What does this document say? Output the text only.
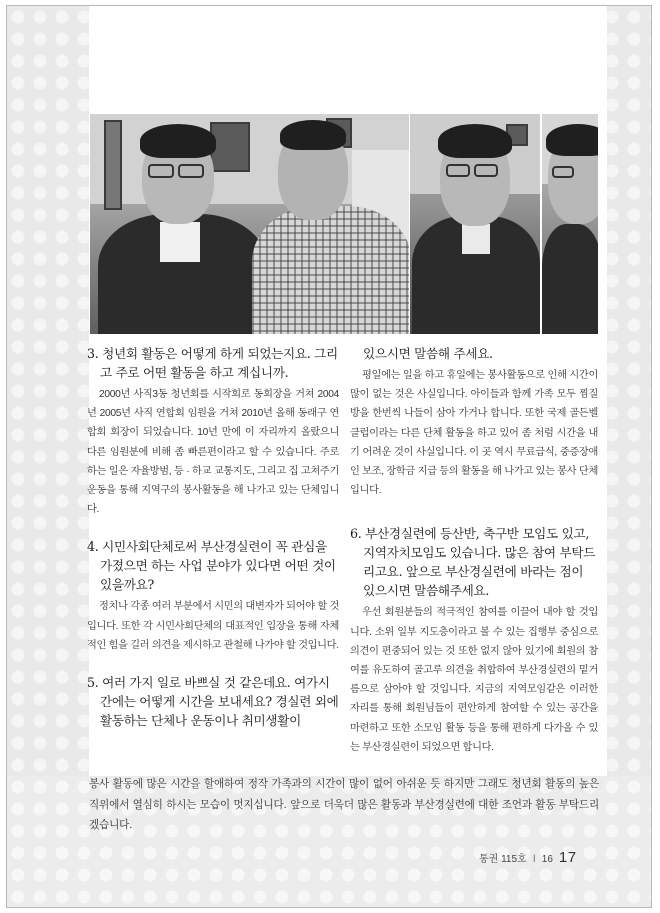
3. 청년회 활동은 어떻게 하게 되었는지요. 그리고 주로 어떤 활동을 하고 계십니까.

2000년 사직3동 청년회를 시작회로 동회장을 거쳐 2004년 2005년 사직 연합회 임원을 거쳐 2010년 올해 동래구 연합회 회장이 되었습니다. 10년 만에 이 자리까지 올랐으니 다른 임원분에 비해 좀 빠른편이라고 할 수 있습니다. 주로 하는 일은 자율방범, 등 · 하교 교통지도, 그리고 집 고쳐주기 운동을 통해 지역구의 봉사활동을 해 나가고 있는 단체입니다.

4. 시민사회단체로써 부산경실련이 꼭 관심을 가졌으면 하는 사업 분야가 있다면 어떤 것이 있을까요?

정치나 각종 여러 부분에서 시민의 대변자가 되어야 할 것입니다. 또한 각 시민사회단체의 대표적인 입장을 통해 자체적인 힘을 길러 의견을 제시하고 관철해 나가야 할 것입니다.

5. 여러 가지 일로 바쁘실 것 같은데요. 여가시간에는 어떻게 시간을 보내세요? 경실련 외에 활동하는 단체나 운동이나 취미생활이
있으시면 말씀해 주세요.

평일에는 일을 하고 휴일에는 봉사활동으로 인해 시간이 많이 없는 것은 사실입니다. 아이들과 함께 가족 모두 찜질방을 한번씩 나들이 삼아 가거나 합니다. 또한 국제 골든벨 클럽이라는 다른 단체 활동을 하고 있어 좀 처럼 시간을 내기 어려운 것이 사실입니다. 이 곳 역시 무료급식, 중증장애인 보조, 장학금 지급 등의 활동을 해 나가고 있는 봉사 단체입니다.

6. 부산경실련에 등산반, 축구반 모임도 있고, 지역자치모임도 있습니다. 많은 참여 부탁드리고요. 앞으로 부산경실련에 바라는 점이 있으시면 말씀해주세요.

우선 회원분들의 적극적인 참여를 이끌어 내야 할 것입니다. 소위 일부 지도층이라고 볼 수 있는 집행부 중심으로 의견이 편중되어 있는 것 또한 없지 않아 있기에 회원의 참여를 유도하여 골고루 의견을 취합하여 부산경실련의 밑거름으로 삼아야 할 것입니다. 지금의 지역모임같은 이러한 자리를 통해 회원님들이 편안하게 참여할 수 있는 공간을 마련하고 또한 소모임 활동 등을 통해 편하게 다가올 수 있는 부산경실련이 되었으면 합니다.

봉사 활동에 많은 시간을 할애하여 정작 가족과의 시간이 많이 없어 아쉬운 듯 하지만 그래도 청년회 활동의 높은 직위에서 열심히 하시는 모습이 멋지십니다. 앞으로 더욱더 많은 활동과 부산경실련에 대한 조언과 활동 부탁드리겠습니다.

통권 115호 I 16 17
